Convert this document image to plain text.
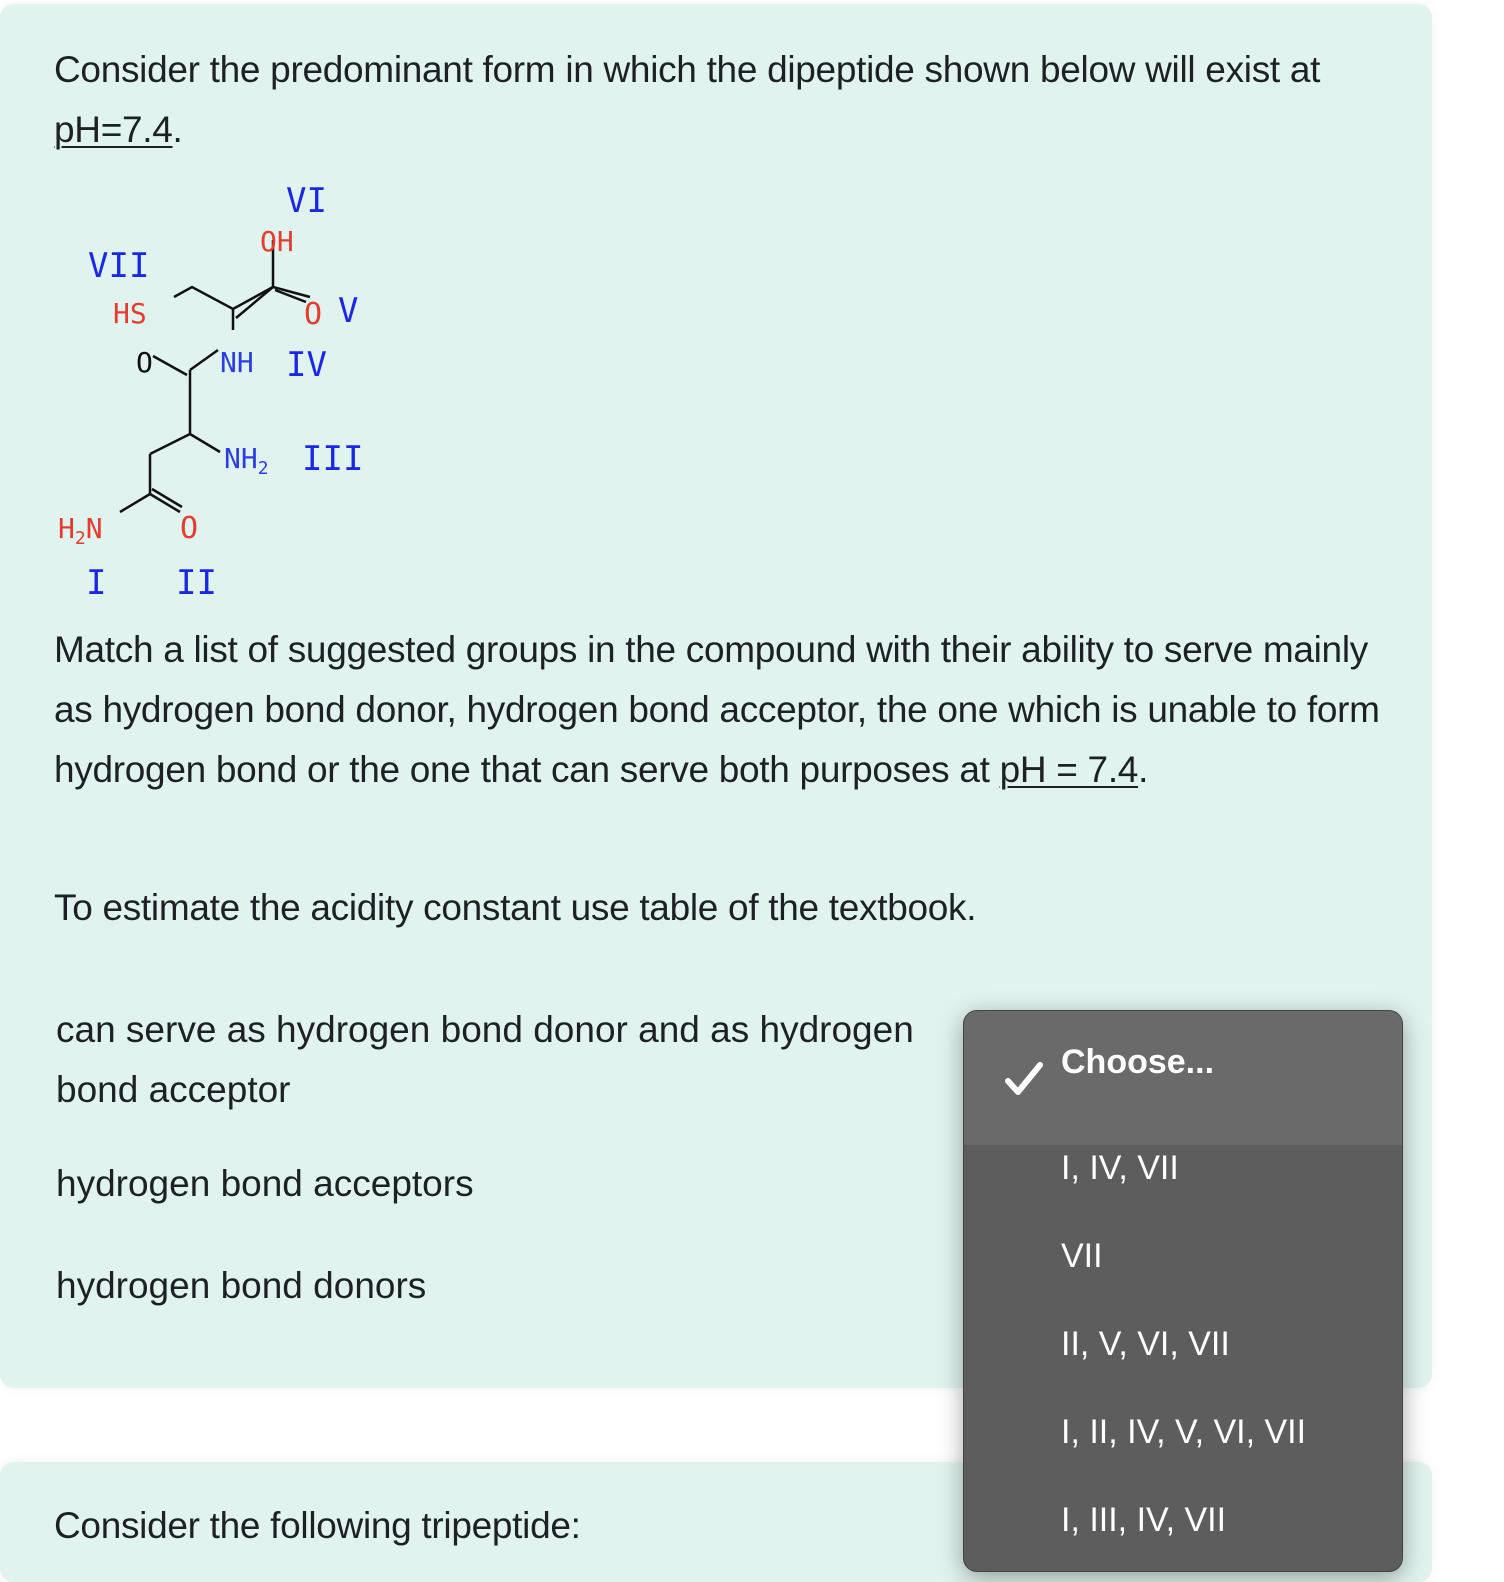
Consider the predominant form in which the dipeptide shown below will exist at pH=7.4.

VI
OH
VII
HS	O V
O NH IV
$NH_2$ III
$H_2N$	O
I II

Match a list of suggested groups in the compound with their ability to serve mainly as hydrogen bond donor, hydrogen bond acceptor, the one which is unable to form hydrogen bond or the one that can serve both purposes at pH = 7.4.

To estimate the acidity constant use table of the textbook.

can serve as hydrogen bond donor and as hydrogen bond acceptor

hydrogen bond acceptors

hydrogen bond donors

Consider the following tripeptide:

Choose...
I, IV, VII
VII
II, V, VI, VII
I, II, IV, V, VI, VII
I, III, IV, VII
